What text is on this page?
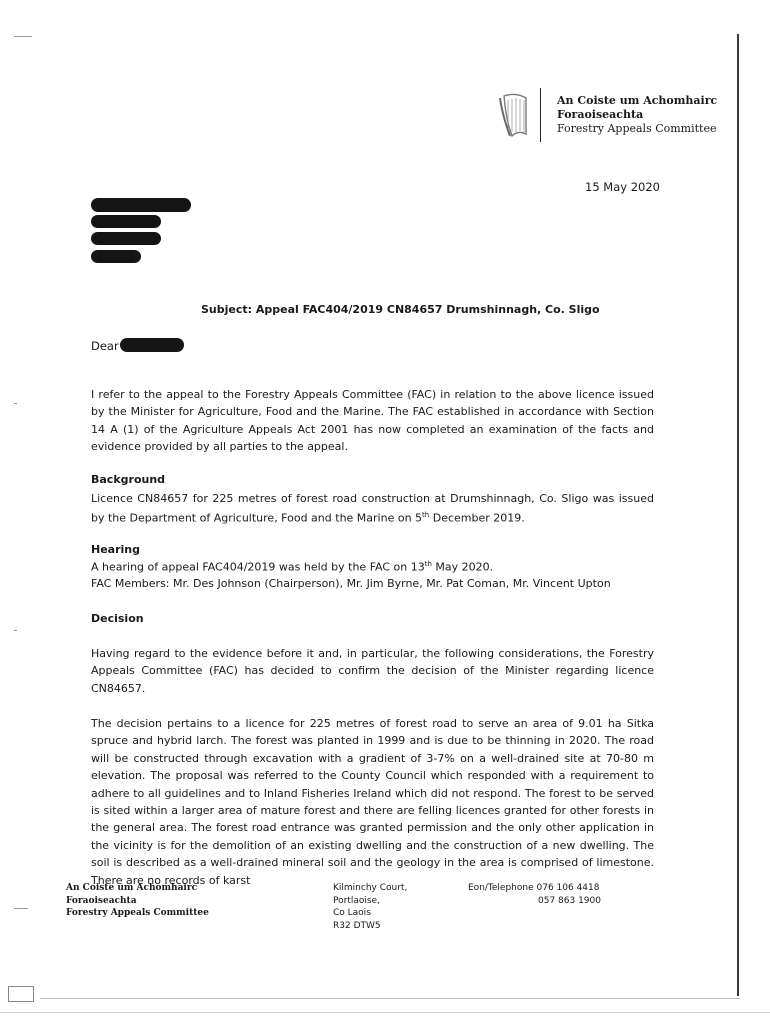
An Coiste um Achomhairc
Foraoiseachta
Forestry Appeals Committee
15 May 2020
Subject: Appeal FAC404/2019 CN84657 Drumshinnagh, Co. Sligo
Dear
I refer to the appeal to the Forestry Appeals Committee (FAC) in relation to the above licence issued by the Minister for Agriculture, Food and the Marine. The FAC established in accordance with Section 14 A (1) of the Agriculture Appeals Act 2001 has now completed an examination of the facts and evidence provided by all parties to the appeal.
Background
Licence CN84657 for 225 metres of forest road construction at Drumshinnagh, Co. Sligo was issued by the Department of Agriculture, Food and the Marine on 5th December 2019.
Hearing
A hearing of appeal FAC404/2019 was held by the FAC on 13th May 2020.
FAC Members: Mr. Des Johnson (Chairperson), Mr. Jim Byrne, Mr. Pat Coman, Mr. Vincent Upton
Decision
Having regard to the evidence before it and, in particular, the following considerations, the Forestry Appeals Committee (FAC) has decided to confirm the decision of the Minister regarding licence CN84657.
The decision pertains to a licence for 225 metres of forest road to serve an area of 9.01 ha Sitka spruce and hybrid larch. The forest was planted in 1999 and is due to be thinning in 2020. The road will be constructed through excavation with a gradient of 3-7% on a well-drained site at 70-80 m elevation. The proposal was referred to the County Council which responded with a requirement to adhere to all guidelines and to Inland Fisheries Ireland which did not respond. The forest to be served is sited within a larger area of mature forest and there are felling licences granted for other forests in the general area. The forest road entrance was granted permission and the only other application in the vicinity is for the demolition of an existing dwelling and the construction of a new dwelling. The soil is described as a well-drained mineral soil and the geology in the area is comprised of limestone. There are no records of karst
An Coiste um Achomhairc
Foraoiseachta
Forestry Appeals Committee
Kilminchy Court,
Portlaoise,
Co Laois
R32 DTW5
Eon/Telephone 076 106 4418
057 863 1900
